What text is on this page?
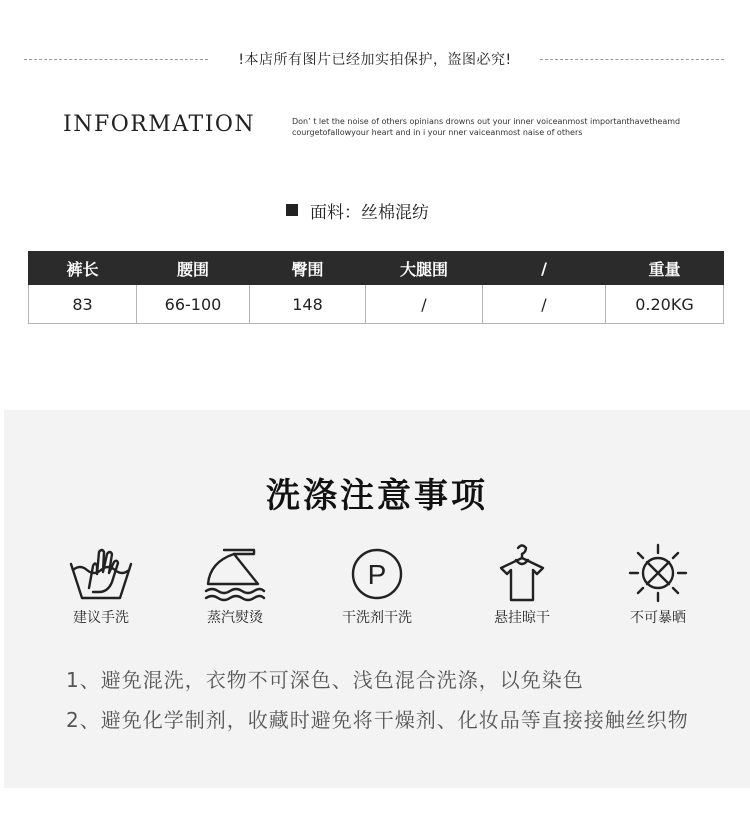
!本店所有图片已经加实拍保护，盗图必究!
INFORMATION	Don’ t let the noise of others opinians drowns out your inner voiceanmost importanthavetheamd
courgetofallowyour heart and in i your nner vaiceanmost naise of others
面料：丝棉混纺
裤长	腰围	臀围	大腿围	/	重量
83	66-100	148	/	/	0.20KG
洗涤注意事项
建议手洗	蒸汽熨烫
P
干洗剂干洗	悬挂晾干	不可暴晒
1、避免混洗，衣物不可深色、浅色混合洗涤，以免染色
2、避免化学制剂，收藏时避免将干燥剂、化妆品等直接接触丝织物
